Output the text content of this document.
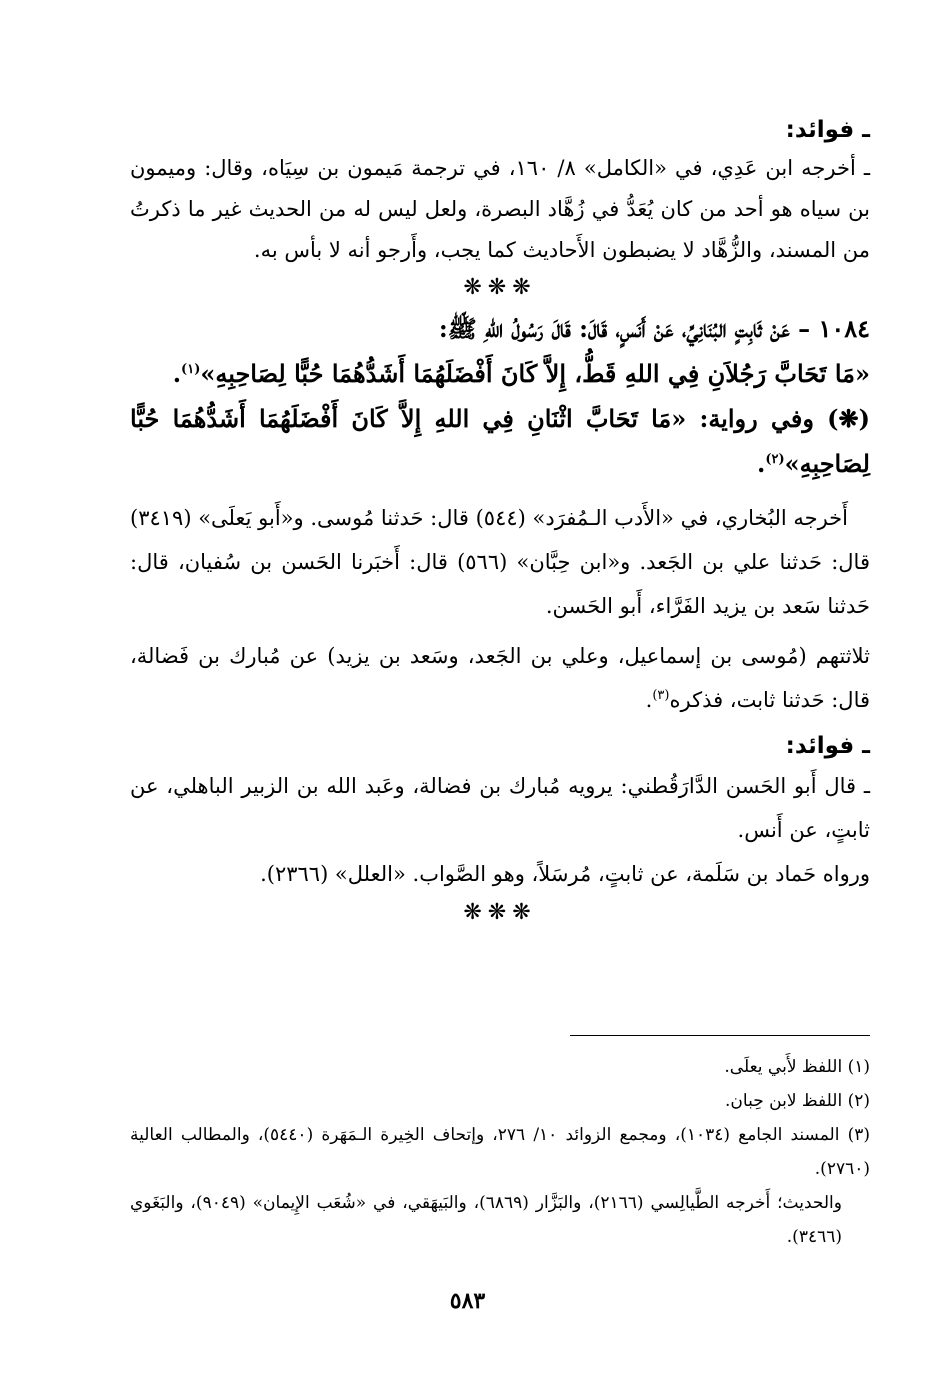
ـ فوائد:

ـ أخرجه ابن عَدِي، في «الكامل» ٨/ ١٦٠، في ترجمة مَيمون بن سِيَاه، وقال: وميمون بن سياه هو أحد من كان يُعَدُّ في زُهَّاد البصرة، ولعل ليس له من الحديث غير ما ذكرتُ من المسند، والزُّهَّاد لا يضبطون الأَحاديث كما يجب، وأَرجو أنه لا بأس به.

❋❋❋

١٠٨٤ – عَنْ ثَابِتٍ البُنَانِيِّ، عَنْ أَنَسٍ، قَالَ: قَالَ رَسُولُ اللهِ ﷺ:

«مَا تَحَابَّ رَجُلاَنِ فِي اللهِ قَطُّ، إِلاَّ كَانَ أَفْضَلَهُمَا أَشَدُّهُمَا حُبًّا لِصَاحِبِهِ»$^{(١)}$.

(❋) وفي رواية: «مَا تَحَابَّ اثْنَانِ فِي اللهِ إِلاَّ كَانَ أَفْضَلَهُمَا أَشَدُّهُمَا حُبًّا لِصَاحِبِهِ»$^{(٢)}$.

أَخرجه البُخاري، في «الأَدب الـمُفرَد» (٥٤٤) قال: حَدثنا مُوسى. و«أَبو يَعلَى» (٣٤١٩) قال: حَدثنا علي بن الجَعد. و«ابن حِبَّان» (٥٦٦) قال: أَخبَرنا الحَسن بن سُفيان، قال: حَدثنا سَعد بن يزيد الفَرَّاء، أَبو الحَسن.

ثلاثتهم (مُوسى بن إسماعيل، وعلي بن الجَعد، وسَعد بن يزيد) عن مُبارك بن فَضالة، قال: حَدثنا ثابت، فذكره$^{(٣)}$.

ـ فوائد:

ـ قال أَبو الحَسن الدَّارَقُطني: يرويه مُبارك بن فضالة، وعَبد الله بن الزبير الباهلي، عن ثابتٍ، عن أَنس.

ورواه حَماد بن سَلَمة، عن ثابتٍ، مُرسَلاً، وهو الصَّواب. «العلل» (٢٣٦٦).

❋❋❋

(١) اللفظ لأَبي يعلَى.

(٢) اللفظ لابن حِبان.

(٣) المسند الجامع (١٠٣٤)، ومجمع الزوائد ١٠/ ٢٧٦، وإتحاف الخِيرة الـمَهَرة (٥٤٤٠)، والمطالب العالية (٢٧٦٠).

والحديث؛ أَخرجه الطَّيالِسي (٢١٦٦)، والبَزَّار (٦٨٦٩)، والبَيهَقي، في «شُعَب الإِيمان» (٩٠٤٩)، والبَغَوي (٣٤٦٦).

٥٨٣
